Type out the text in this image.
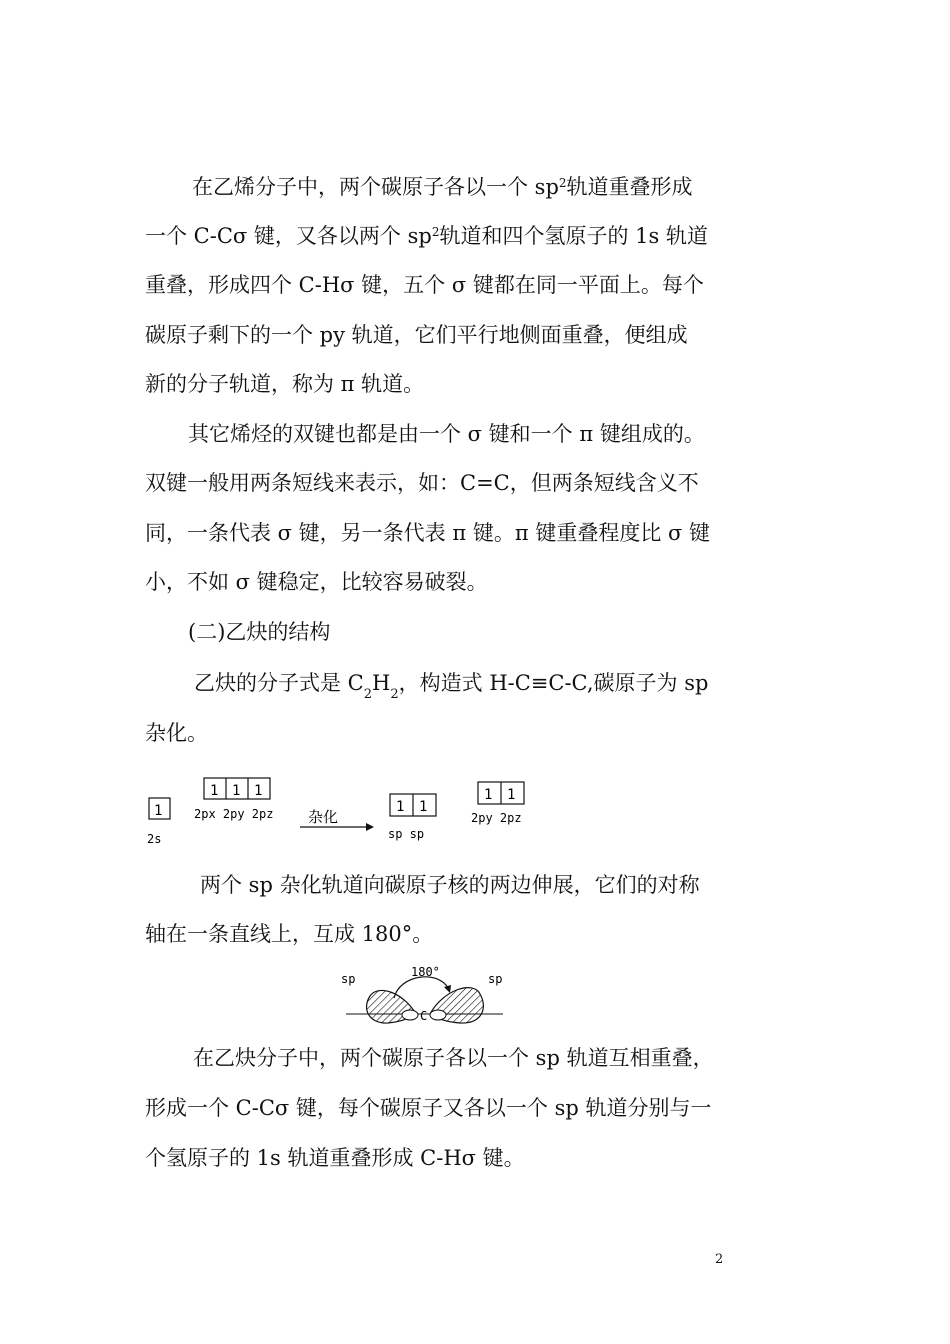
在乙烯分子中，两个碳原子各以一个 $sp^2$轨道重叠形成
一个 C-Cσ 键，又各以两个 $sp^2$轨道和四个氢原子的 1s 轨道
重叠，形成四个 C-Hσ 键，五个 σ 键都在同一平面上。每个
碳原子剩下的一个 py 轨道，它们平行地侧面重叠，便组成
新的分子轨道，称为 π 轨道。
其它烯烃的双键也都是由一个 σ 键和一个 π 键组成的。
双键一般用两条短线来表示，如：C=C，但两条短线含义不
同，一条代表 σ 键，另一条代表 π 键。π 键重叠程度比 σ 键
小，不如 σ 键稳定，比较容易破裂。
(二)乙炔的结构
乙炔的分子式是 $C_2H_2$，构造式 H-C≡C-C,碳原子为 sp
杂化。
1
2s
1 1 1
2px 2py 2pz 杂化
1 1
sp sp
1 1
2py 2pz
两个 sp 杂化轨道向碳原子核的两边伸展，它们的对称
轴在一条直线上，互成 180°。
C
sp	sp
180°
在乙炔分子中，两个碳原子各以一个 sp 轨道互相重叠，
形成一个 C-Cσ 键，每个碳原子又各以一个 sp 轨道分别与一
个氢原子的 1s 轨道重叠形成 C-Hσ 键。
2
